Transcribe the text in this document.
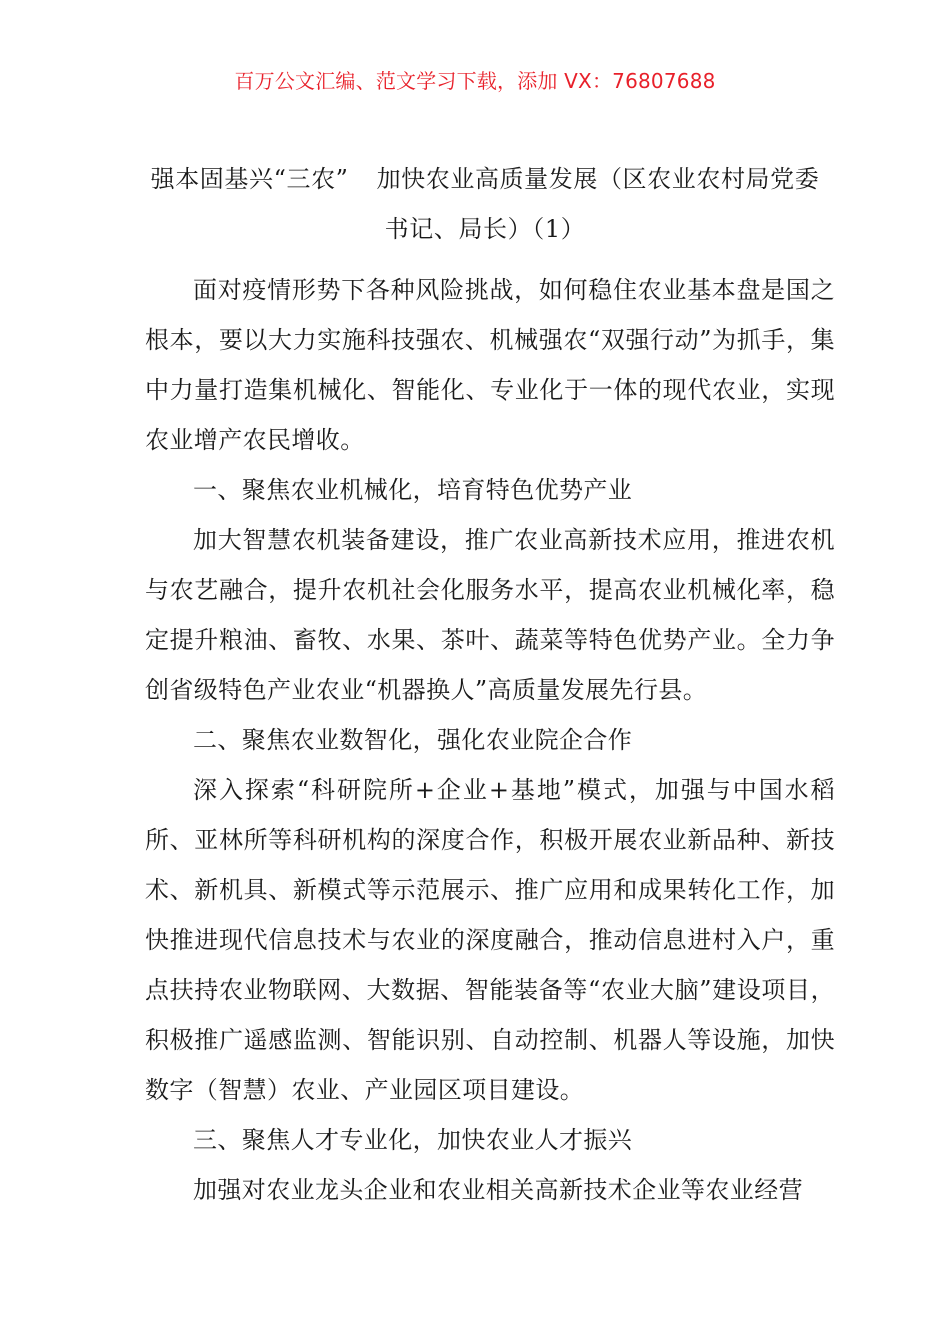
百万公文汇编、范文学习下载，添加 VX：76807688
强本固基兴“三农” 加快农业高质量发展（区农业农村局党委书记、局长）（1）

面对疫情形势下各种风险挑战，如何稳住农业基本盘是国之根本，要以大力实施科技强农、机械强农“双强行动”为抓手，集中力量打造集机械化、智能化、专业化于一体的现代农业，实现农业增产农民增收。

一、聚焦农业机械化，培育特色优势产业

加大智慧农机装备建设，推广农业高新技术应用，推进农机与农艺融合，提升农机社会化服务水平，提高农业机械化率，稳定提升粮油、畜牧、水果、茶叶、蔬菜等特色优势产业。全力争创省级特色产业农业“机器换人”高质量发展先行县。

二、聚焦农业数智化，强化农业院企合作

深入探索“科研院所+企业+基地”模式，加强与中国水稻所、亚林所等科研机构的深度合作，积极开展农业新品种、新技术、新机具、新模式等示范展示、推广应用和成果转化工作，加快推进现代信息技术与农业的深度融合，推动信息进村入户，重点扶持农业物联网、大数据、智能装备等“农业大脑”建设项目，积极推广遥感监测、智能识别、自动控制、机器人等设施，加快数字（智慧）农业、产业园区项目建设。

三、聚焦人才专业化，加快农业人才振兴

加强对农业龙头企业和农业相关高新技术企业等农业经营
